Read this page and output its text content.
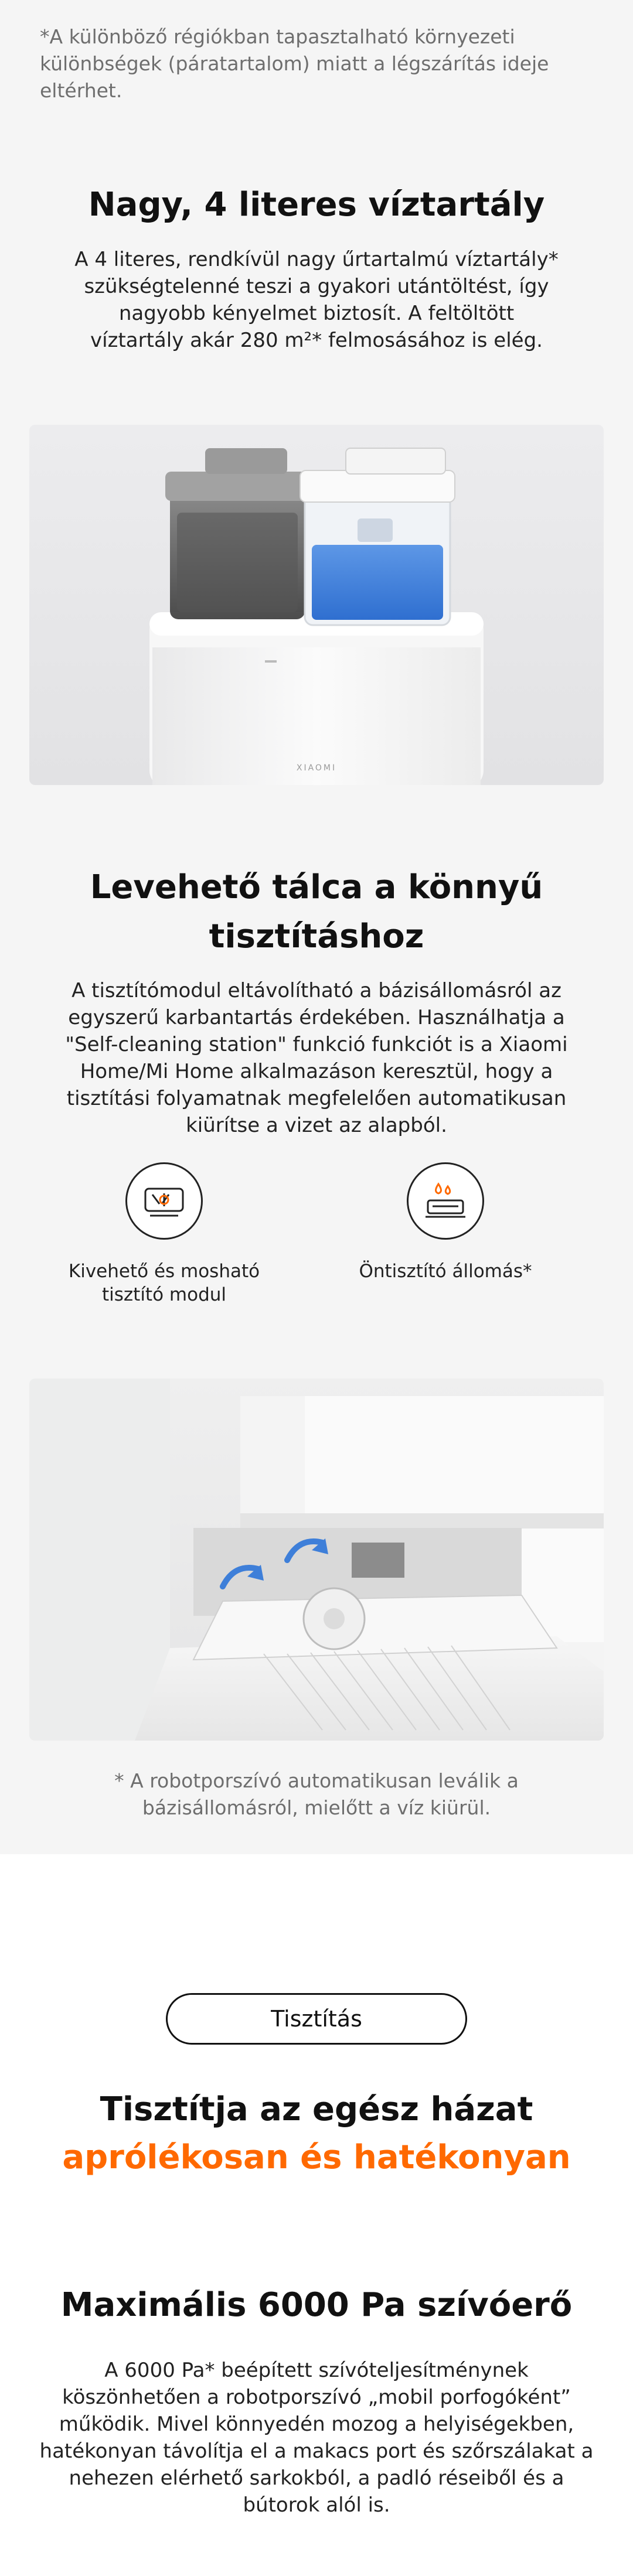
*A különböző régiókban tapasztalható környezeti különbségek (páratartalom) miatt a légszárítás ideje eltérhet.
Nagy, 4 literes víztartály

A 4 literes, rendkívül nagy űrtartalmú víztartály* szükségtelenné teszi a gyakori utántöltést, így nagyobb kényelmet biztosít. A feltöltött víztartály akár 280 m²* felmosásához is elég.

XIAOMI
Levehető tálca a könnyű
tisztításhoz

A tisztítómodul eltávolítható a bázisállomásról az egyszerű karbantartás érdekében. Használhatja a "Self-cleaning station" funkció funkciót is a Xiaomi Home/Mi Home alkalmazáson keresztül, hogy a tisztítási folyamatnak megfelelően automatikusan kiürítse a vizet az alapból.

Kivehető és mosható tisztító modul
Öntisztító állomás*
* A robotporszívó automatikusan leválik a bázisállomásról, mielőtt a víz kiürül.
Tisztítás
Tisztítja az egész házat
aprólékosan és hatékonyan
Maximális 6000 Pa szívóerő

A 6000 Pa* beépített szívóteljesítménynek köszönhetően a robotporszívó „mobil porfogóként” működik. Mivel könnyedén mozog a helyiségekben, hatékonyan távolítja el a makacs port és szőrszálakat a nehezen elérhető sarkokból, a padló réseiből és a bútorok alól is.
